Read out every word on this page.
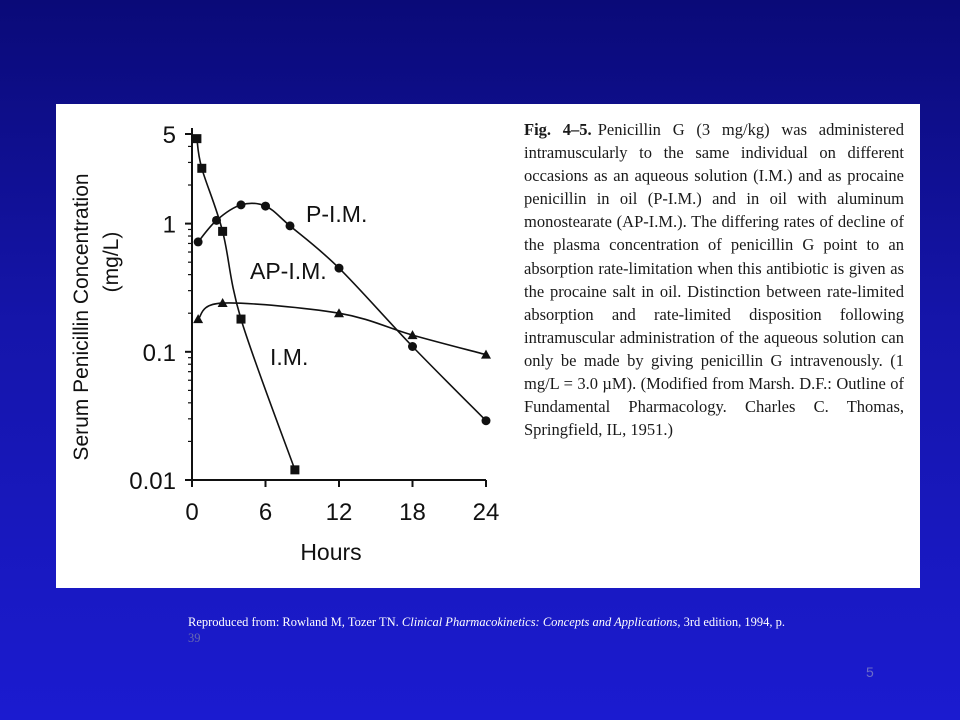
5
1
0.1
0.01
0	6 12 18 24
Hours
Serum Penicillin Concentration (mg/L)
P-I.M.
AP-I.M.
I.M.
Fig. 4–5. Penicillin G (3 mg/kg) was administered intramuscularly to the same individual on different occasions as an aqueous solution (I.M.) and as procaine penicillin in oil (P-I.M.) and in oil with aluminum monostearate (AP-I.M.). The differing rates of decline of the plasma concentration of penicillin G point to an absorption rate-limitation when this antibiotic is given as the procaine salt in oil. Distinction between rate-limited absorption and rate-limited disposition following intramuscular administration of the aqueous solution can only be made by giving penicillin G intravenously. (1 mg/L = 3.0 µM). (Modified from Marsh. D.F.: Outline of Fundamental Pharmacology. Charles C. Thomas, Springfield, IL, 1951.)
Reproduced from: Rowland M, Tozer TN. Clinical Pharmacokinetics: Concepts and Applications, 3rd edition, 1994, p. 39
5
